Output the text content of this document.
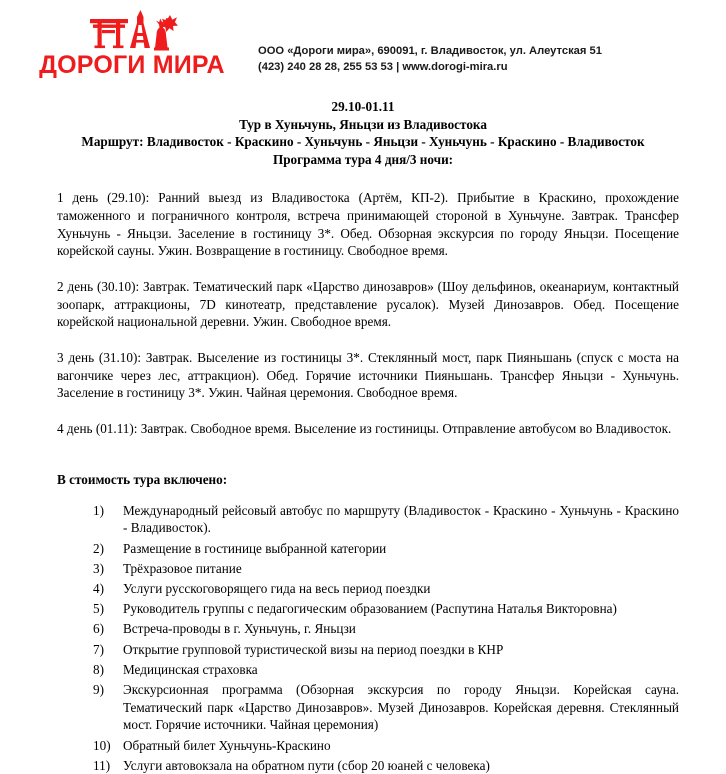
ДОРОГИ МИРА	ООО «Дороги мира», 690091, г. Владивосток, ул. Алеутская 51
(423) 240 28 28, 255 53 53 | www.dorogi-mira.ru
29.10-01.11
Тур в Хуньчунь, Яньцзи из Владивостока
Маршрут: Владивосток - Краскино - Хуньчунь - Яньцзи - Хуньчунь - Краскино - Владивосток
Программа тура 4 дня/3 ночи:

1 день (29.10): Ранний выезд из Владивостока (Артём, КП-2). Прибытие в Краскино, прохождение таможенного и пограничного контроля, встреча принимающей стороной в Хуньчуне. Завтрак. Трансфер Хуньчунь - Яньцзи. Заселение в гостиницу 3*. Обед. Обзорная экскурсия по городу Яньцзи. Посещение корейской сауны. Ужин. Возвращение в гостиницу. Свободное время.

2 день (30.10): Завтрак. Тематический парк «Царство динозавров» (Шоу дельфинов, океанариум, контактный зоопарк, аттракционы, 7D кинотеатр, представление русалок). Музей Динозавров. Обед. Посещение корейской национальной деревни. Ужин. Свободное время.

3 день (31.10): Завтрак. Выселение из гостиницы 3*. Стеклянный мост, парк Пияньшань (спуск с моста на вагончике через лес, аттракцион). Обед. Горячие источники Пияньшань. Трансфер Яньцзи - Хуньчунь. Заселение в гостиницу 3*. Ужин. Чайная церемония. Свободное время.

4 день (01.11): Завтрак. Свободное время. Выселение из гостиницы. Отправление автобусом во Владивосток.

В стоимость тура включено:
1)	Международный рейсовый автобус по маршруту (Владивосток - Краскино - Хуньчунь - Краскино - Владивосток).
2)	Размещение в гостинице выбранной категории
3)	Трёхразовое питание
4)	Услуги русскоговорящего гида на весь период поездки
5)	Руководитель группы с педагогическим образованием (Распутина Наталья Викторовна)
6)	Встреча-проводы в г. Хуньчунь, г. Яньцзи
7)	Открытие групповой туристической визы на период поездки в КНР
8)	Медицинская страховка
9)	Экскурсионная программа (Обзорная экскурсия по городу Яньцзи. Корейская сауна. Тематический парк «Царство Динозавров». Музей Динозавров. Корейская деревня. Стеклянный мост. Горячие источники. Чайная церемония)
10) Обратный билет Хуньчунь-Краскино
11) Услуги автовокзала на обратном пути (сбор 20 юаней с человека)
